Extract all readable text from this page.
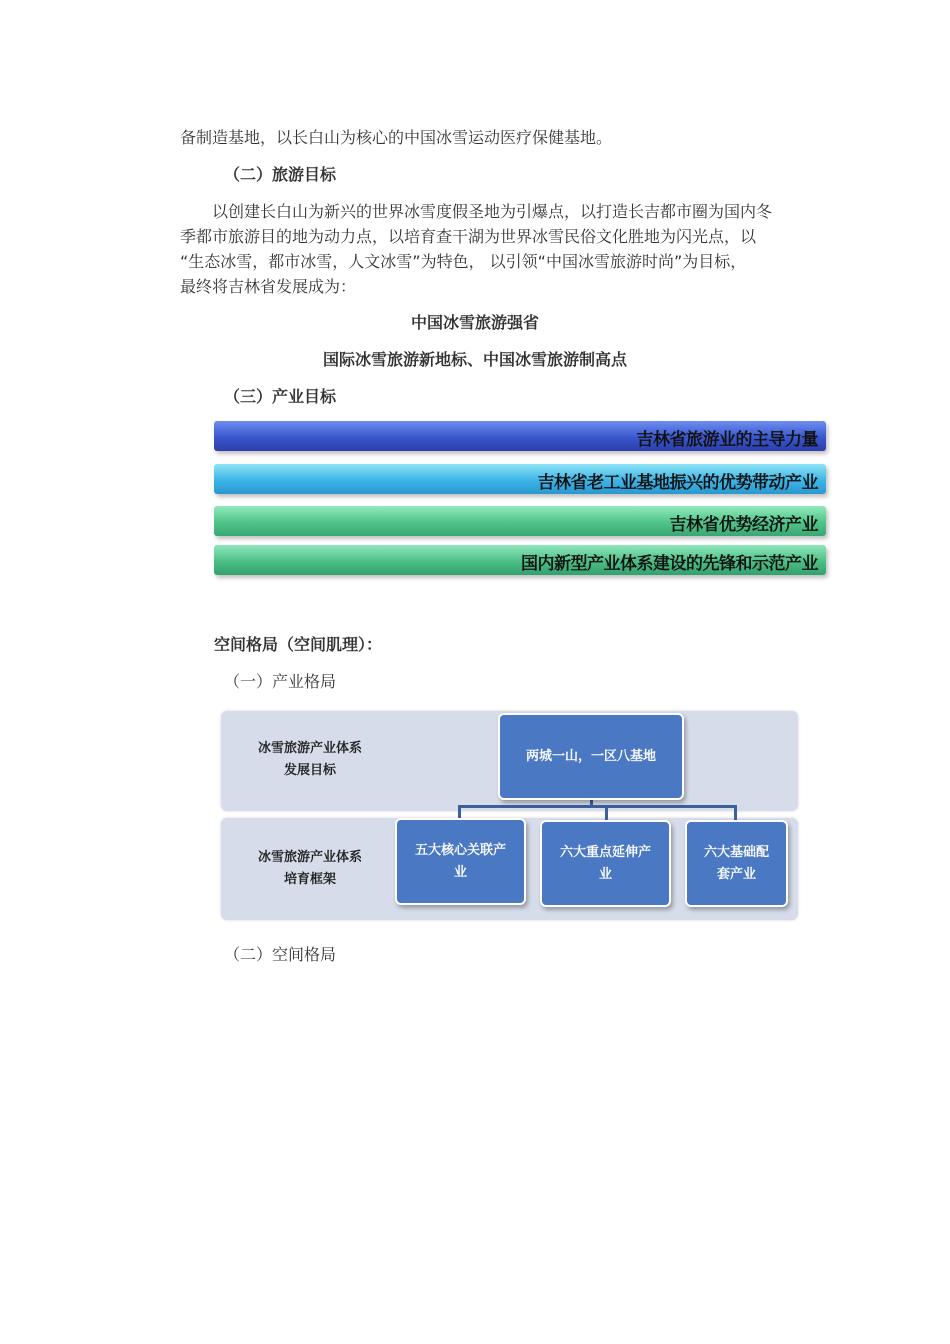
备制造基地，以长白山为核心的中国冰雪运动医疗保健基地。
（二）旅游目标
以创建长白山为新兴的世界冰雪度假圣地为引爆点，以打造长吉都市圈为国内冬
季都市旅游目的地为动力点，以培育查干湖为世界冰雪民俗文化胜地为闪光点，以
“生态冰雪，都市冰雪，人文冰雪”为特色， 以引领“中国冰雪旅游时尚”为目标，
最终将吉林省发展成为：
中国冰雪旅游强省
国际冰雪旅游新地标、中国冰雪旅游制高点
（三）产业目标
吉林省旅游业的主导力量
吉林省老工业基地振兴的优势带动产业
吉林省优势经济产业
国内新型产业体系建设的先锋和示范产业
空间格局（空间肌理）：
（一）产业格局
冰雪旅游产业体系
发展目标
冰雪旅游产业体系
培育框架
两城一山，一区八基地
五大核心关联产
业
六大重点延伸产
业
六大基础配
套产业
（二）空间格局
